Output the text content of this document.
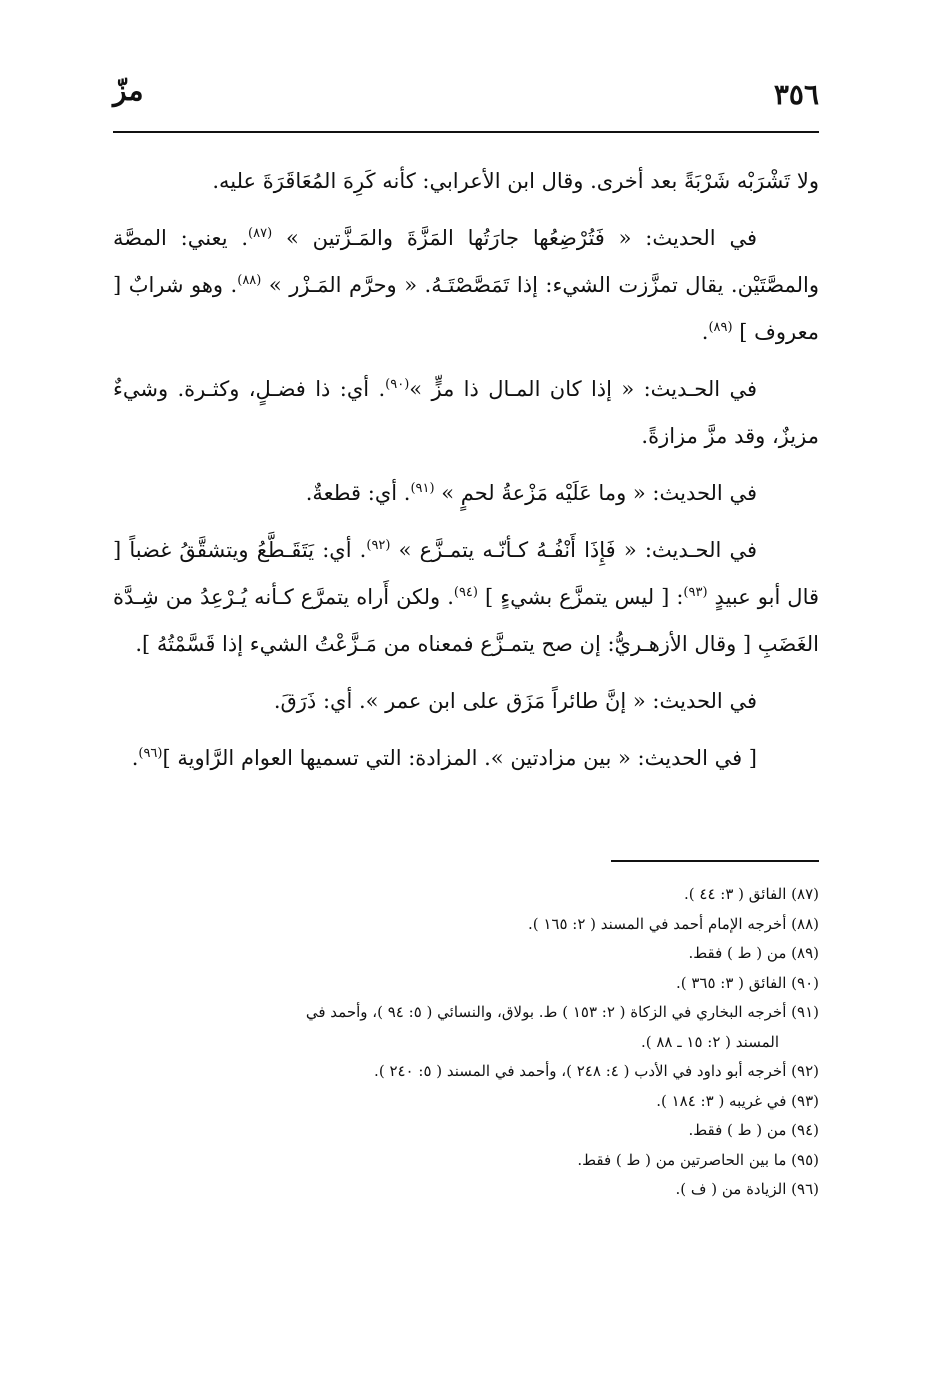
٣٥٦
مزّ

ولا تَشْرَبْه شَرْبَةً بعد أخرى. وقال ابن الأعرابي: كأنه كَرِهَ المُعَاقَرَةَ عليه.

في الحديث: « فَتُرْضِعُها جارَتُها المَزَّةَ والمَـزَّتين » $^{(٨٧)}$. يعني: المصَّة والمصَّتَيْن. يقال تمزَّزت الشيء: إذا تَمَصَّصْتَـهُ. « وحرَّم المَـزْر » $^{(٨٨)}$. وهو شرابٌ [ معروف ] $^{(٨٩)}$.

في الحـديث: « إذا كان المـال ذا مزٍّ »$^{(٩٠)}$. أي: ذا فضـلٍ، وكثـرة. وشيءٌ مزيزٌ، وقد مزَّ مزازةً.

في الحديث: « وما عَلَيْه مَزْعةُ لحمٍ » $^{(٩١)}$. أي: قطعةٌ.

في الحـديث: « فَإِذَا أَنْفُـهُ كـأنّـه يتمـزَّع » $^{(٩٢)}$. أي: يَتَقَـطَّعُ ويتشقَّقُ غضباً [ قال أبو عبيدٍ $^{(٩٣)}$: [ ليس يتمزَّع بشيءٍ ] $^{(٩٤)}$. ولكن أَراه يتمرَّع كـأنه يُـرْعِدُ من شِـدَّة الغَضَبِ [ وقال الأزهـريُّ: إن صح يتمـزَّع فمعناه من مَـزَّعْتُ الشيء إذا قَسَّمْتُهُ ].

في الحديث: « إنَّ طائراً مَزَق على ابن عمر ». أي: ذَرَقَ.

[ في الحديث: « بين مزادتين ». المزادة: التي تسميها العوام الرَّاوية ]$^{(٩٦)}$.

(٨٧) الفائق ( ٣: ٤٤ ).

(٨٨) أخرجه الإمام أحمد في المسند ( ٢: ١٦٥ ).

(٨٩) من ( ط ) فقط.

(٩٠) الفائق ( ٣: ٣٦٥ ).

(٩١) أخرجه البخاري في الزكاة ( ٢: ١٥٣ ) ط. بولاق، والنسائي ( ٥: ٩٤ )، وأحمد في

المسند ( ٢: ١٥ ـ ٨٨ ).

(٩٢) أخرجه أبو داود في الأدب ( ٤: ٢٤٨ )، وأحمد في المسند ( ٥: ٢٤٠ ).

(٩٣) في غريبه ( ٣: ١٨٤ ).

(٩٤) من ( ط ) فقط.

(٩٥) ما بين الحاصرتين من ( ط ) فقط.

(٩٦) الزيادة من ( ف ).
